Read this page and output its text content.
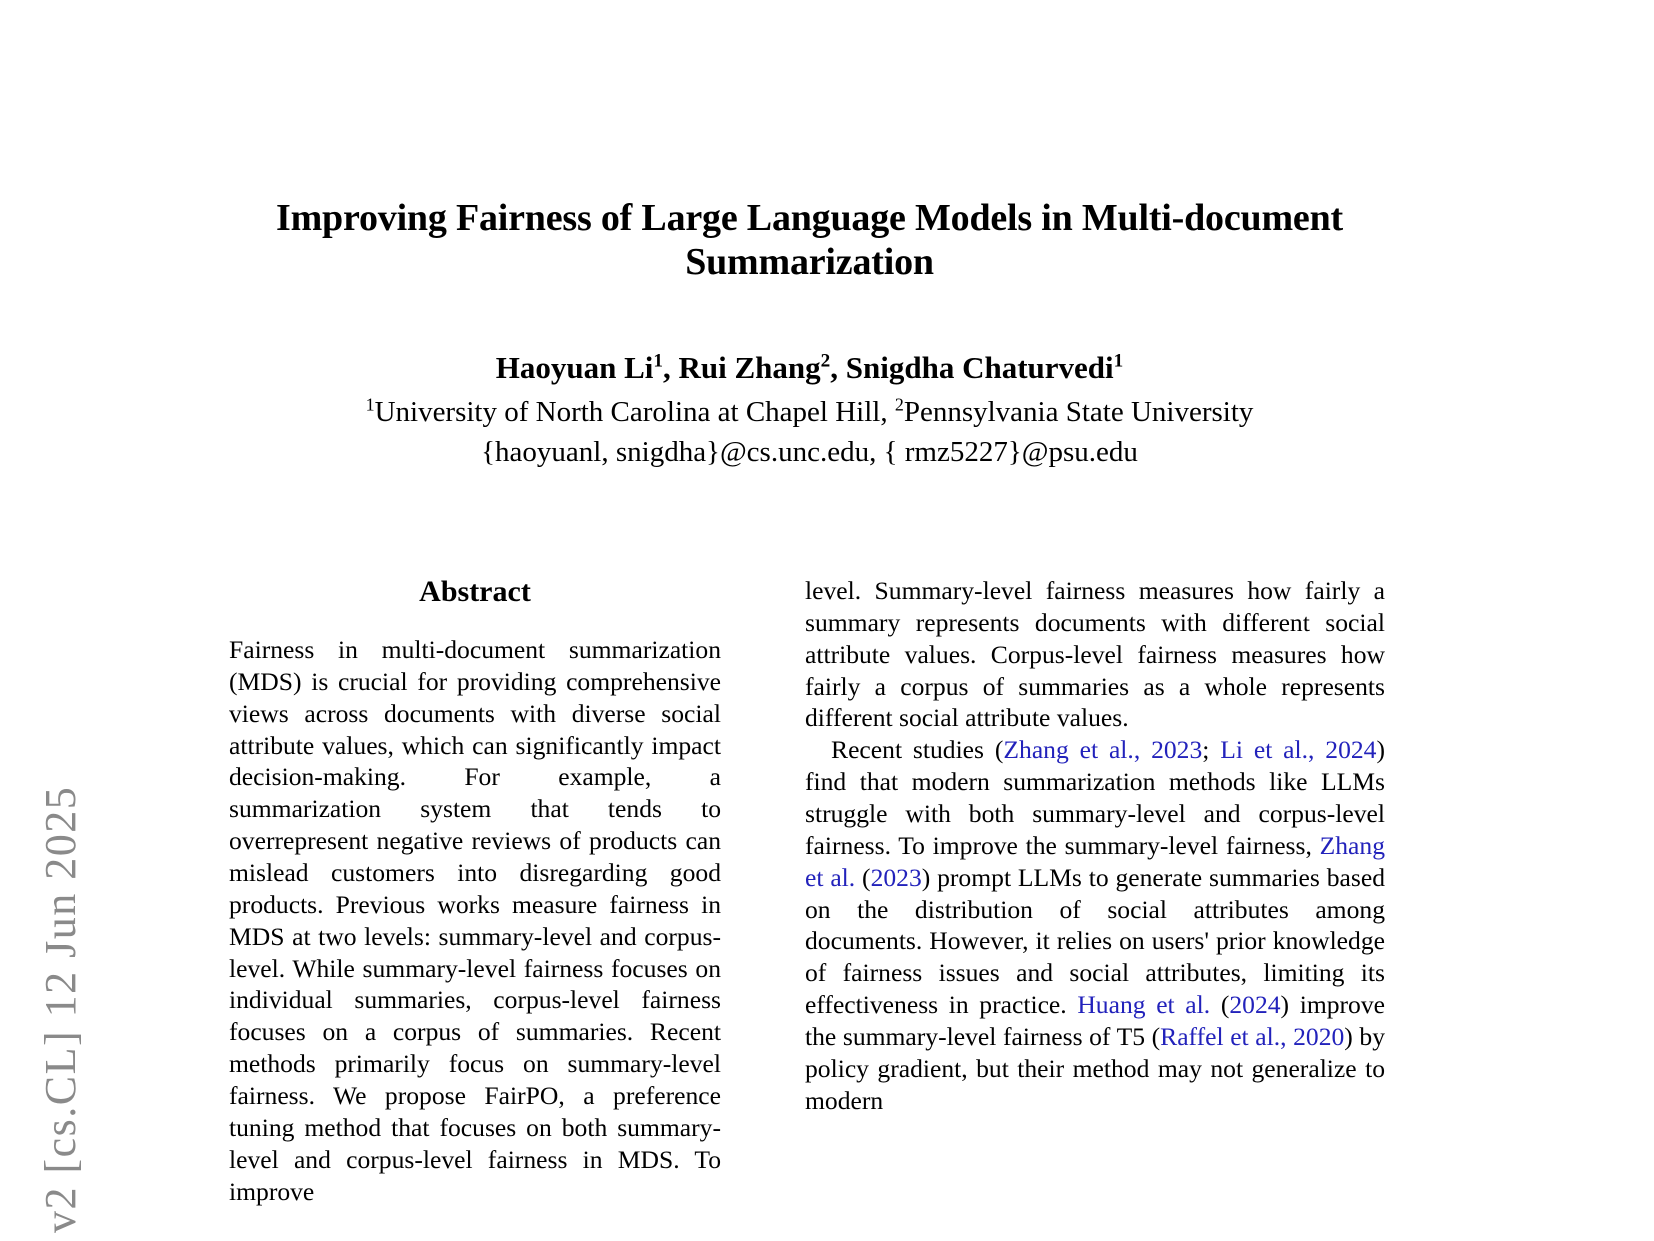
v2 [cs.CL] 12 Jun 2025
Improving Fairness of Large Language Models in Multi-document Summarization

Haoyuan Li$^1$, Rui Zhang$^2$, Snigdha Chaturvedi$^1$

$^1$University of North Carolina at Chapel Hill, $^2$Pennsylvania State University

{haoyuanl, snigdha}@cs.unc.edu, { rmz5227}@psu.edu

Abstract

Fairness in multi-document summarization (MDS) is crucial for providing comprehensive views across documents with diverse social attribute values, which can significantly impact decision-making. For example, a summarization system that tends to overrepresent negative reviews of products can mislead customers into disregarding good products. Previous works measure fairness in MDS at two levels: summary-level and corpus-level. While summary-level fairness focuses on individual summaries, corpus-level fairness focuses on a corpus of summaries. Recent methods primarily focus on summary-level fairness. We propose FairPO, a preference tuning method that focuses on both summary-level and corpus-level fairness in MDS. To improve

level. Summary-level fairness measures how fairly a summary represents documents with different social attribute values. Corpus-level fairness measures how fairly a corpus of summaries as a whole represents different social attribute values.

Recent studies (Zhang et al., 2023; Li et al., 2024) find that modern summarization methods like LLMs struggle with both summary-level and corpus-level fairness. To improve the summary-level fairness, Zhang et al. (2023) prompt LLMs to generate summaries based on the distribution of social attributes among documents. However, it relies on users' prior knowledge of fairness issues and social attributes, limiting its effectiveness in practice. Huang et al. (2024) improve the summary-level fairness of T5 (Raffel et al., 2020) by policy gradient, but their method may not generalize to modern
